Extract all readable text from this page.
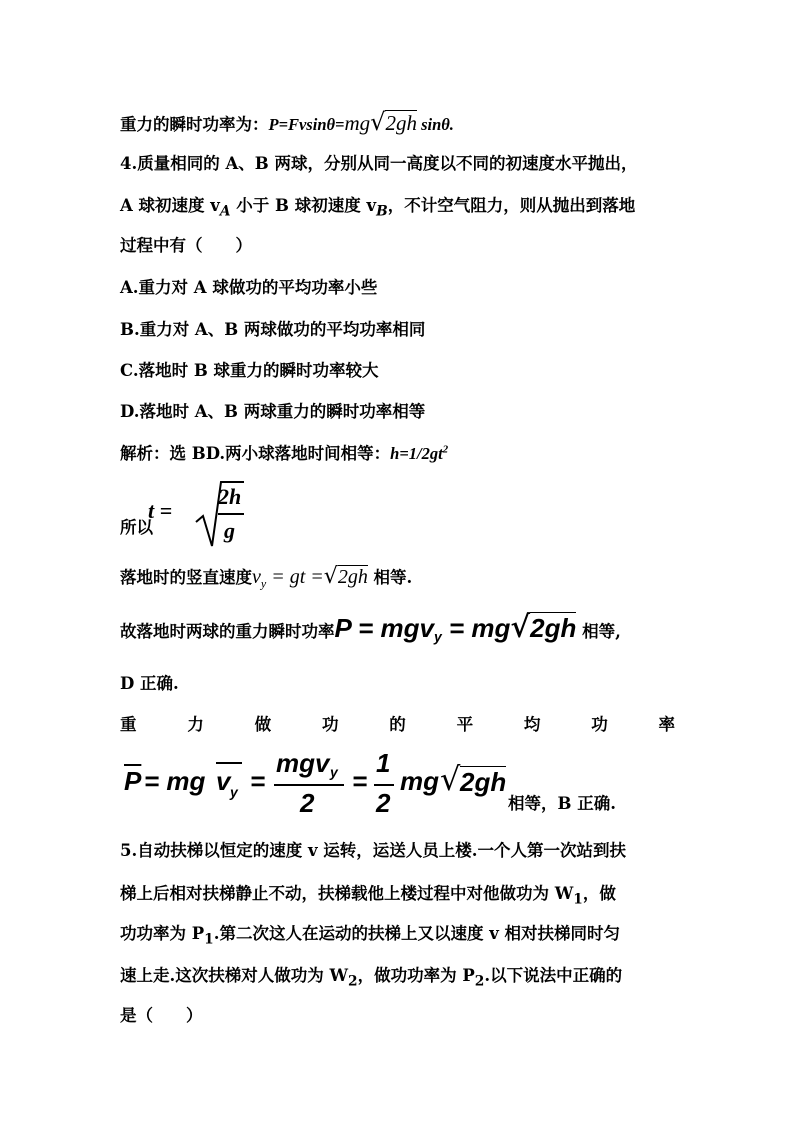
重力的瞬时功率为：P=Fvsinθ=mg√2gh sinθ.
4.质量相同的 A、B 两球，分别从同一高度以不同的初速度水平抛出，
A 球初速度 $v_A$ 小于 B 球初速度 $v_B$，不计空气阻力，则从抛出到落地
过程中有（　　）
A.重力对 A 球做功的平均功率小些
B.重力对 A、B 两球做功的平均功率相同
C.落地时 B 球重力的瞬时功率较大
D.落地时 A、B 两球重力的瞬时功率相等
解析：选 BD.两小球落地时间相等：$h=1/2gt^2$
所以
t =
2h
g
落地时的竖直速度$v_y$ = gt =√2gh 相等.
故落地时两球的重力瞬时功率P = mgv$_y$ = mg√2gh 相等,
D 正确.
重	力	做	功	的	平	均	功	率
$\overline{P}$ = mg v y =
mgv y
2
=
1
2
mg √ 2gh
相等，B 正确.
5.自动扶梯以恒定的速度 v 运转，运送人员上楼.一个人第一次站到扶
梯上后相对扶梯静止不动，扶梯载他上楼过程中对他做功为 $W_1$，做
功功率为 $P_1$.第二次这人在运动的扶梯上又以速度 v 相对扶梯同时匀
速上走.这次扶梯对人做功为 $W_2$，做功功率为 $P_2$.以下说法中正确的
是（　　）
